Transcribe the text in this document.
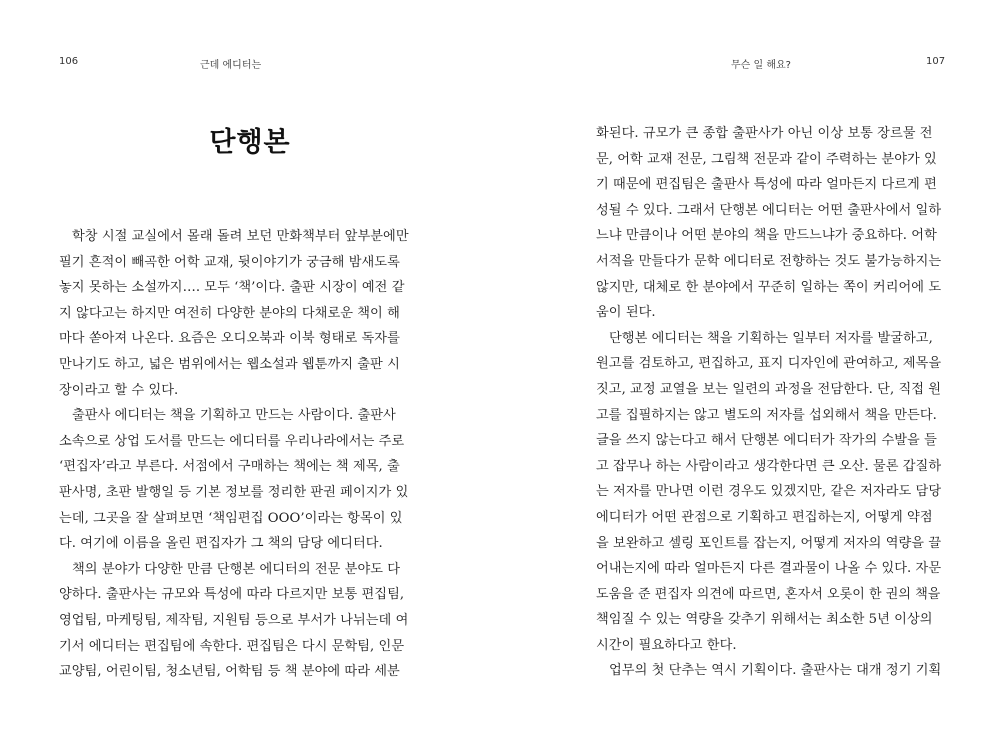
106	근데 에디터는
단행본
학창 시절 교실에서 몰래 돌려 보던 만화책부터 앞부분에만
필기 흔적이 빼곡한 어학 교재, 뒷이야기가 궁금해 밤새도록
놓지 못하는 소설까지…. 모두 ‘책’이다. 출판 시장이 예전 같
지 않다고는 하지만 여전히 다양한 분야의 다채로운 책이 해
마다 쏟아져 나온다. 요즘은 오디오북과 이북 형태로 독자를
만나기도 하고, 넓은 범위에서는 웹소설과 웹툰까지 출판 시
장이라고 할 수 있다.
출판사 에디터는 책을 기획하고 만드는 사람이다. 출판사
소속으로 상업 도서를 만드는 에디터를 우리나라에서는 주로
‘편집자’라고 부른다. 서점에서 구매하는 책에는 책 제목, 출
판사명, 초판 발행일 등 기본 정보를 정리한 판권 페이지가 있
는데, 그곳을 잘 살펴보면 ‘책임편집 OOO’이라는 항목이 있
다. 여기에 이름을 올린 편집자가 그 책의 담당 에디터다.
책의 분야가 다양한 만큼 단행본 에디터의 전문 분야도 다
양하다. 출판사는 규모와 특성에 따라 다르지만 보통 편집팀,
영업팀, 마케팅팀, 제작팀, 지원팀 등으로 부서가 나뉘는데 여
기서 에디터는 편집팀에 속한다. 편집팀은 다시 문학팀, 인문
교양팀, 어린이팀, 청소년팀, 어학팀 등 책 분야에 따라 세분
무슨 일 해요?	107
화된다. 규모가 큰 종합 출판사가 아닌 이상 보통 장르물 전
문, 어학 교재 전문, 그림책 전문과 같이 주력하는 분야가 있
기 때문에 편집팀은 출판사 특성에 따라 얼마든지 다르게 편
성될 수 있다. 그래서 단행본 에디터는 어떤 출판사에서 일하
느냐 만큼이나 어떤 분야의 책을 만드느냐가 중요하다. 어학
서적을 만들다가 문학 에디터로 전향하는 것도 불가능하지는
않지만, 대체로 한 분야에서 꾸준히 일하는 쪽이 커리어에 도
움이 된다.
단행본 에디터는 책을 기획하는 일부터 저자를 발굴하고,
원고를 검토하고, 편집하고, 표지 디자인에 관여하고, 제목을
짓고, 교정 교열을 보는 일련의 과정을 전담한다. 단, 직접 원
고를 집필하지는 않고 별도의 저자를 섭외해서 책을 만든다.
글을 쓰지 않는다고 해서 단행본 에디터가 작가의 수발을 들
고 잡무나 하는 사람이라고 생각한다면 큰 오산. 물론 갑질하
는 저자를 만나면 이런 경우도 있겠지만, 같은 저자라도 담당
에디터가 어떤 관점으로 기획하고 편집하는지, 어떻게 약점
을 보완하고 셀링 포인트를 잡는지, 어떻게 저자의 역량을 끌
어내는지에 따라 얼마든지 다른 결과물이 나올 수 있다. 자문
도움을 준 편집자 의견에 따르면, 혼자서 오롯이 한 권의 책을
책임질 수 있는 역량을 갖추기 위해서는 최소한 5년 이상의
시간이 필요하다고 한다.
업무의 첫 단추는 역시 기획이다. 출판사는 대개 정기 기획
